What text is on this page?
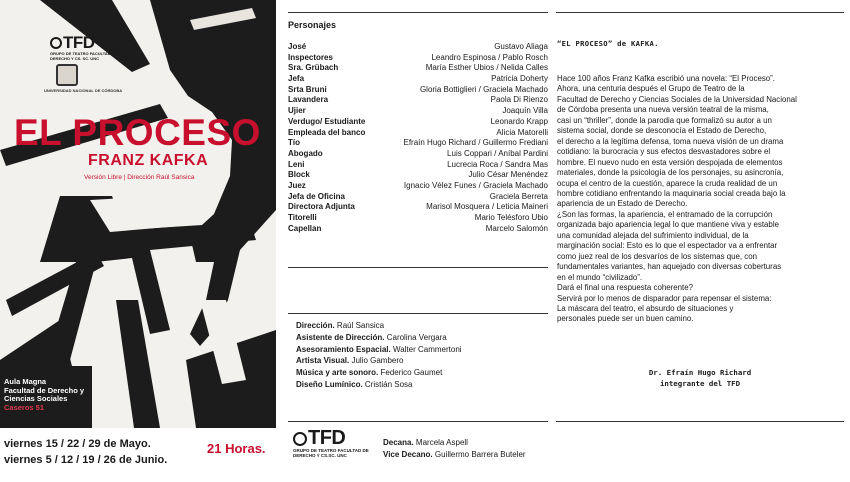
TFD
GRUPO DE TEATRO FACULTAD DE DERECHO Y CS. SC. UNC
UNIVERSIDAD NACIONAL DE CÓRDOBA
EL PROCESO
FRANZ KAFKA
Versión Libre | Dirección Raúl Sansica
Aula Magna
Facultad de Derecho y
Ciencias Sociales
Caseros 51
viernes 15 / 22 / 29 de Mayo.
viernes 5 / 12 / 19 / 26 de Junio.
21 Horas.
Personajes
José	Gustavo Aliaga
Inspectores	Leandro Espinosa / Pablo Rosch
Sra. Grübach	María Esther Ubios / Nelida Calles
Jefa	Patricia Doherty
Srta Bruni	Gloria Bottiglieri / Graciela Machado
Lavandera	Paola Di Rienzo
Ujier	Joaquín Villa
Verdugo/ Estudiante	Leonardo Krapp
Empleada del banco	Alicia Matorelli
Tío	Efraín Hugo Richard / Guillermo Frediani
Abogado	Luis Coppari / Aníbal Pardini
Leni	Lucrecia Roca / Sandra Mas
Block	Julio César Menéndez
Juez	Ignacio Vélez Funes / Graciela Machado
Jefa de Oficina	Graciela Berreta
Directora Adjunta	Marisol Mosquera / Leticia Maineri
Titorelli	Mario Telésforo Ubio
Capellan	Marcelo Salomón
Dirección. Raúl Sansica
Asistente de Dirección. Carolina Vergara
Asesoramiento Espacial. Walter Cammertoni
Artista Visual. Julio Gambero
Música y arte sonoro. Federico Gaumet
Diseño Lumínico. Cristián Sosa
TFD
GRUPO DE TEATRO FACULTAD DE DERECHO Y CS.SC. UNC
Decana. Marcela Aspell
Vice Decano. Guillermo Barrera Buteler
“EL PROCESO” de KAFKA.

Hace 100 años Franz Kafka escribió una novela: “El Proceso”.

Ahora, una centuria después el Grupo de Teatro de la

Facultad de Derecho y Ciencias Sociales de la Universidad Nacional

de Córdoba presenta una nueva versión teatral de la misma,

casi un “thriller”, donde la parodia que formalizó su autor a un

sistema social, donde se desconocía el Estado de Derecho,

el derecho a la legítima defensa, toma nueva visión de un drama

cotidiano: la burocracia y sus efectos desvastadores sobre el

hombre. El nuevo nudo en esta versión despojada de elementos

materiales, donde la psicología de los personajes, su asincronía,

ocupa el centro de la cuestión, aparece la cruda realidad de un

hombre cotidiano enfrentando la maquinaria social creada bajo la

apariencia de un Estado de Derecho.

¿Son las formas, la apariencia, el entramado de la corrupción

organizada bajo apariencia legal lo que mantiene viva y estable

una comunidad alejada del sufrimiento individual, de la

marginación social: Esto es lo que el espectador va a enfrentar

como juez real de los desvaríos de los sistemas que, con

fundamentales variantes, han aquejado con diversas coberturas

en el mundo “civilizado”.

Dará el final una respuesta coherente?

Servirá por lo menos de disparador para repensar el sistema:

La máscara del teatro, el absurdo de situaciones y

personales puede ser un buen camino.

Dr. Efraín Hugo Richard
integrante del TFD
